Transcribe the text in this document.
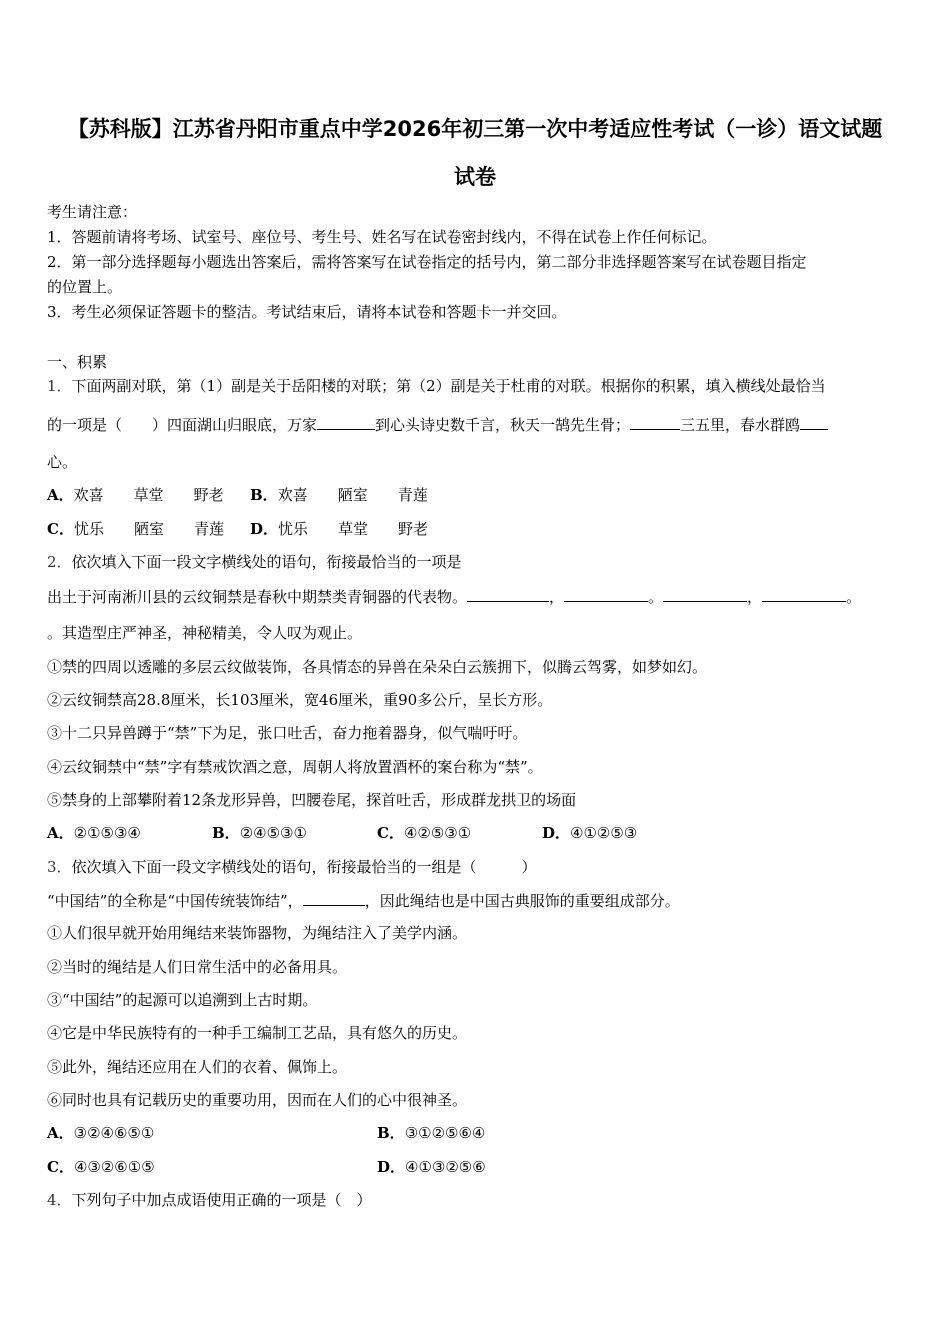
【苏科版】江苏省丹阳市重点中学2026年初三第一次中考适应性考试（一诊）语文试题
试卷
考生请注意：
1．答题前请将考场、试室号、座位号、考生号、姓名写在试卷密封线内，不得在试卷上作任何标记。
2．第一部分选择题每小题选出答案后，需将答案写在试卷指定的括号内，第二部分非选择题答案写在试卷题目指定
的位置上。
3．考生必须保证答题卡的整洁。考试结束后，请将本试卷和答题卡一并交回。
一、积累
1．下面两副对联，第（1）副是关于岳阳楼的对联；第（2）副是关于杜甫的对联。根据你的积累，填入横线处最恰当
的一项是（　　）四面湖山归眼底，万家	到心头诗史数千言，秋天一鹄先生骨；	三五里，春水群鸥
心。
A．欢喜　　草堂　　野老 B．欢喜　　陋室　　青莲
C．忧乐　　陋室　　青莲 D．忧乐　　草堂　　野老
2．依次填入下面一段文字横线处的语句，衔接最恰当的一项是
出土于河南淅川县的云纹铜禁是春秋中期禁类青铜器的代表物。	，	。	，	。
。其造型庄严神圣，神秘精美，令人叹为观止。
①禁的四周以透雕的多层云纹做装饰，各具情态的异兽在朵朵白云簇拥下，似腾云驾雾，如梦如幻。
②云纹铜禁高28.8厘米，长103厘米，宽46厘米，重90多公斤，呈长方形。
③十二只异兽蹲于“禁”下为足，张口吐舌，奋力拖着器身，似气喘吁吁。
④云纹铜禁中“禁”字有禁戒饮酒之意，周朝人将放置酒杯的案台称为“禁”。
⑤禁身的上部攀附着12条龙形异兽，凹腰卷尾，探首吐舌，形成群龙拱卫的场面
A．②①⑤③④	B．②④⑤③①	C．④②⑤③①	D．④①②⑤③
3．依次填入下面一段文字横线处的语句，衔接最恰当的一组是（　　　）
“中国结”的全称是“中国传统装饰结”，	，因此绳结也是中国古典服饰的重要组成部分。
①人们很早就开始用绳结来装饰器物，为绳结注入了美学内涵。
②当时的绳结是人们日常生活中的必备用具。
③“中国结”的起源可以追溯到上古时期。
④它是中华民族特有的一种手工编制工艺品，具有悠久的历史。
⑤此外，绳结还应用在人们的衣着、佩饰上。
⑥同时也具有记载历史的重要功用，因而在人们的心中很神圣。
A．③②④⑥⑤①	B．③①②⑤⑥④
C．④③②⑥①⑤	D．④①③②⑤⑥
4．下列句子中加点成语使用正确的一项是（　）
